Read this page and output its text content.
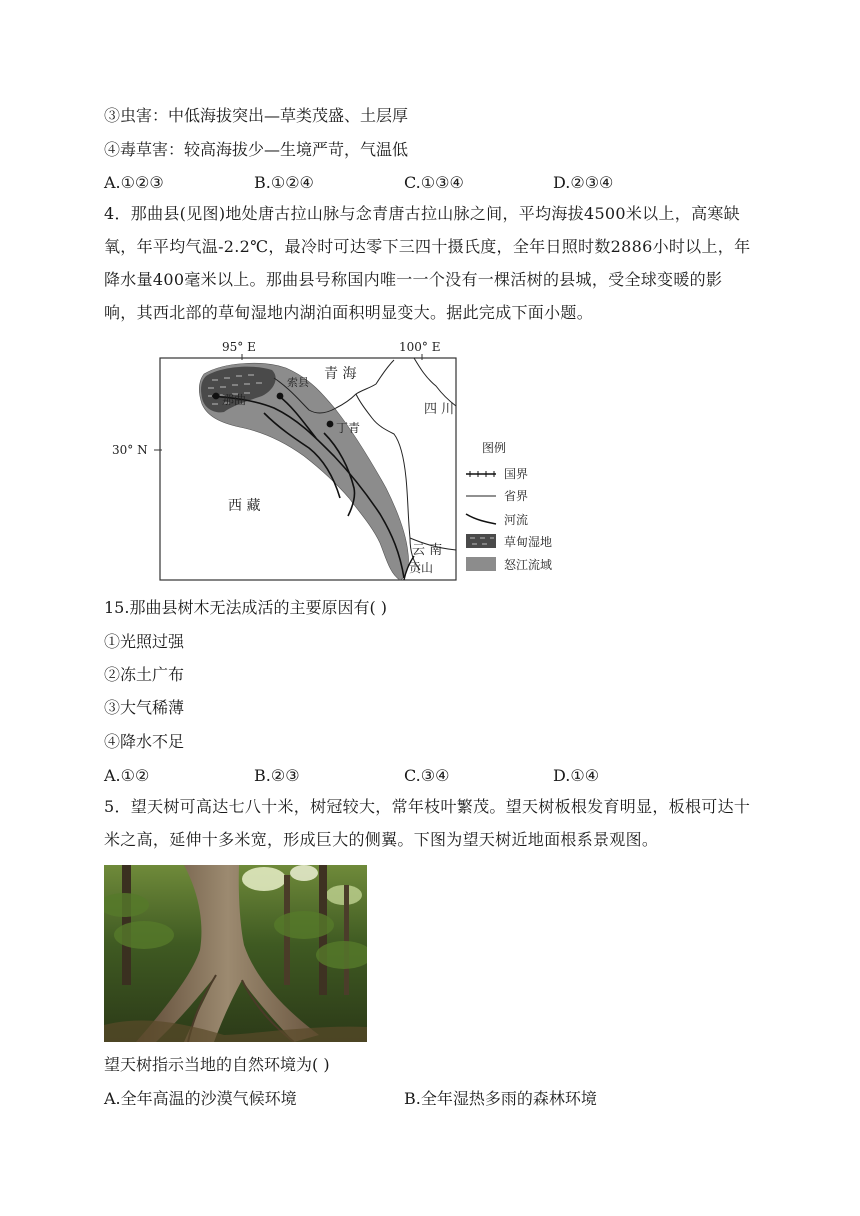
③虫害：中低海拔突出—草类茂盛、土层厚
④毒草害：较高海拔少—生境严苛，气温低
A.①②③	B.①②④	C.①③④	D.②③④
4．那曲县(见图)地处唐古拉山脉与念青唐古拉山脉之间，平均海拔4500米以上，高寒缺氧，年平均气温-2.2℃，最冷时可达零下三四十摄氏度，全年日照时数2886小时以上，年降水量400毫米以上。那曲县号称国内唯一一个没有一棵活树的县城，受全球变暖的影响，其西北部的草甸湿地内湖泊面积明显变大。据此完成下面小题。
95° E	100° E
30° N
那曲
索县
丁青
贡山
青 海
四 川
西 藏
云 南
图例
国界
省界
河流
草甸湿地
怒江流域
15.那曲县树木无法成活的主要原因有( )
①光照过强
②冻土广布
③大气稀薄
④降水不足
A.①②	B.②③	C.③④	D.①④
5．望天树可高达七八十米，树冠较大，常年枝叶繁茂。望天树板根发育明显，板根可达十米之高，延伸十多米宽，形成巨大的侧翼。下图为望天树近地面根系景观图。
望天树指示当地的自然环境为( )
A.全年高温的沙漠气候环境	B.全年湿热多雨的森林环境
